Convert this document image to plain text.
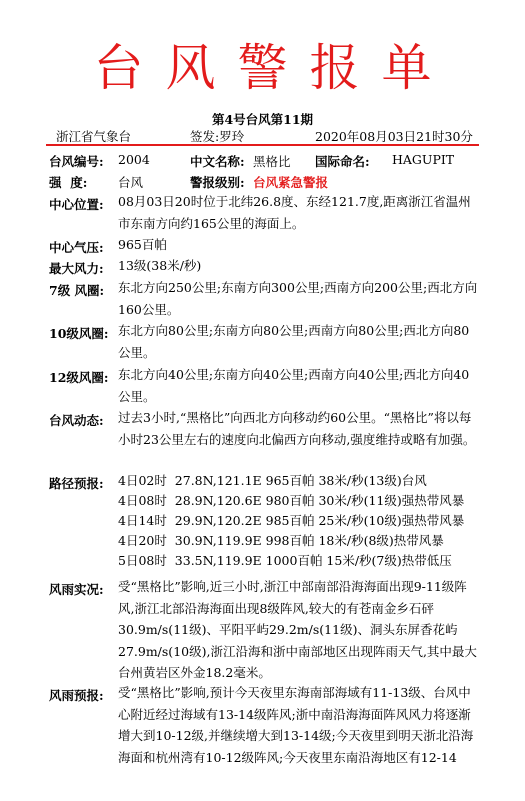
台风警报单
第4号台风第11期
浙江省气象台	签发:罗玲	2020年08月03日21时30分
台风编号: 2004	中文名称: 黑格比 国际命名: HAGUPIT
强  度: 台风	警报级别: 台风紧急警报
中心位置: 08月03日20时位于北纬26.8度、东经121.7度,距离浙江省温州市东南方向约165公里的海面上。
中心气压: 965百帕
最大风力: 13级(38米/秒)
7级 风圈: 东北方向250公里;东南方向300公里;西南方向200公里;西北方向160公里。
10级风圈: 东北方向80公里;东南方向80公里;西南方向80公里;西北方向80公里。
12级风圈: 东北方向40公里;东南方向40公里;西南方向40公里;西北方向40公里。
台风动态: 过去3小时,“黑格比”向西北方向移动约60公里。“黑格比”将以每小时23公里左右的速度向北偏西方向移动,强度维持或略有加强。
路径预报: 4日02时  27.8N,121.1E 965百帕 38米/秒(13级)台风
4日08时  28.9N,120.6E 980百帕 30米/秒(11级)强热带风暴
4日14时  29.9N,120.2E 985百帕 25米/秒(10级)强热带风暴
4日20时  30.9N,119.9E 998百帕 18米/秒(8级)热带风暴
5日08时  33.5N,119.9E 1000百帕 15米/秒(7级)热带低压
风雨实况: 受“黑格比”影响,近三小时,浙江中部南部沿海海面出现9-11级阵风,浙江北部沿海海面出现8级阵风,较大的有苍南金乡石砰30.9m/s(11级)、平阳平屿29.2m/s(11级)、洞头东屏香花屿27.9m/s(10级),浙江沿海和浙中南部地区出现阵雨天气,其中最大台州黄岩区外金18.2毫米。
风雨预报: 受“黑格比”影响,预计今天夜里东海南部海域有11-13级、台风中心附近经过海域有13-14级阵风;浙中南沿海海面阵风风力将逐渐增大到10-12级,并继续增大到13-14级;今天夜里到明天浙北沿海海面和杭州湾有10-12级阵风;今天夜里东南沿海地区有12-14
